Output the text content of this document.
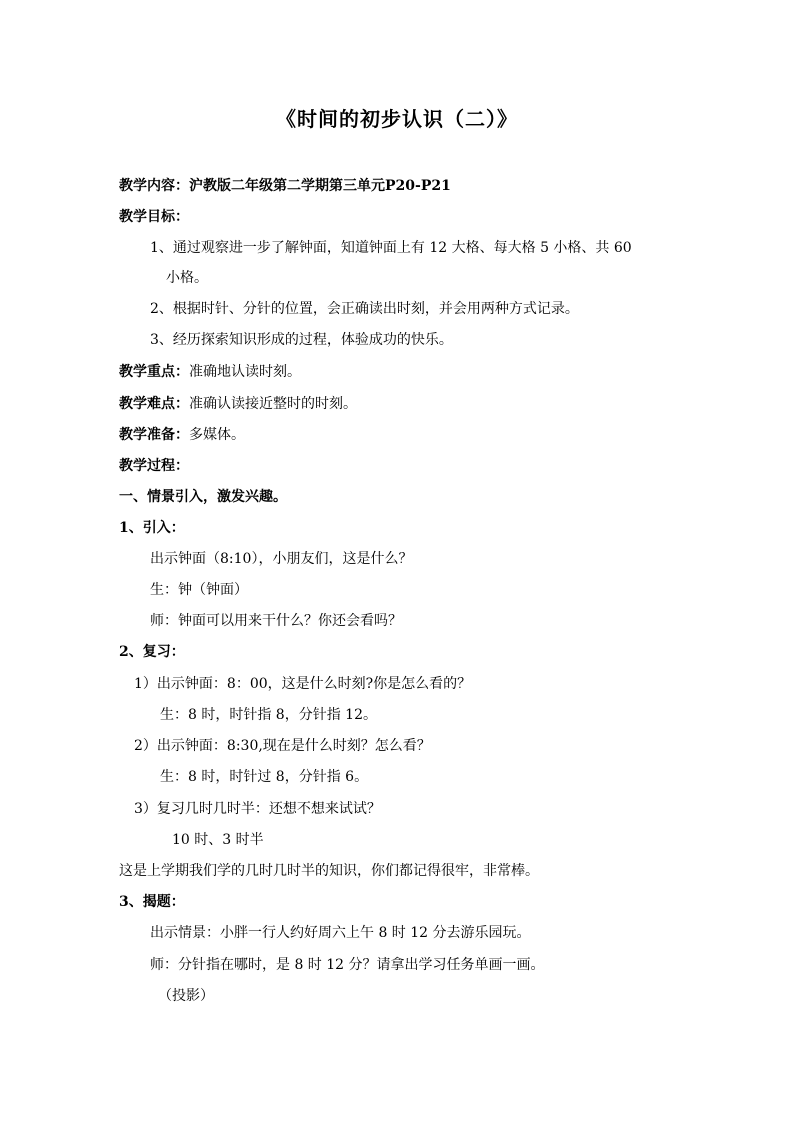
《时间的初步认识（二）》
教学内容：沪教版二年级第二学期第三单元P20-P21
教学目标：
1、通过观察进一步了解钟面，知道钟面上有 12 大格、每大格 5 小格、共 60
小格。
2、根据时针、分针的位置，会正确读出时刻，并会用两种方式记录。
3、经历探索知识形成的过程，体验成功的快乐。
教学重点：准确地认读时刻。
教学难点：准确认读接近整时的时刻。
教学准备：多媒体。
教学过程：
一、情景引入，激发兴趣。
1、引入：
出示钟面（8:10），小朋友们，这是什么？
生：钟（钟面）
师：钟面可以用来干什么？你还会看吗？
2、复习：
1）出示钟面：8：00，这是什么时刻?你是怎么看的？
生：8 时，时针指 8，分针指 12。
2）出示钟面：8:30,现在是什么时刻？怎么看？
生：8 时，时针过 8，分针指 6。
3）复习几时几时半：还想不想来试试？
10 时、3 时半
这是上学期我们学的几时几时半的知识，你们都记得很牢，非常棒。
3、揭题：
出示情景：小胖一行人约好周六上午 8 时 12 分去游乐园玩。
师：分针指在哪时，是 8 时 12 分？请拿出学习任务单画一画。
（投影）
